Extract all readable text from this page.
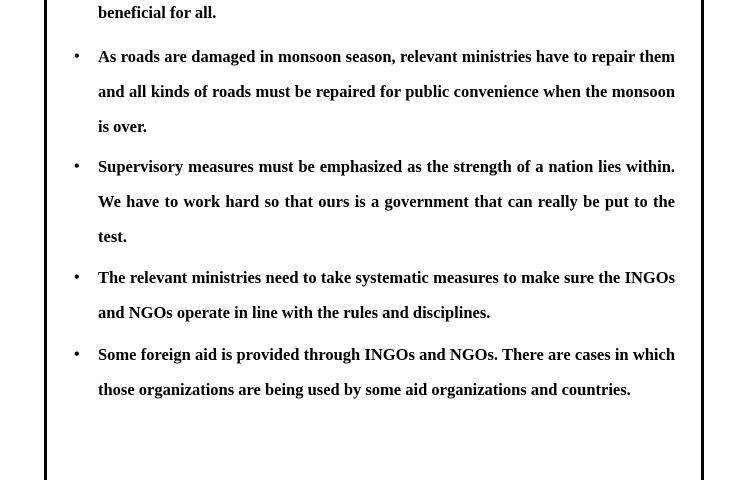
beneficial for all.
• As roads are damaged in monsoon season, relevant ministries have to repair them and all kinds of roads must be repaired for public convenience when the monsoon is over.
• Supervisory measures must be emphasized as the strength of a nation lies within. We have to work hard so that ours is a government that can really be put to the test.
• The relevant ministries need to take systematic measures to make sure the INGOs and NGOs operate in line with the rules and disciplines.
• Some foreign aid is provided through INGOs and NGOs. There are cases in which those organizations are being used by some aid organizations and countries.
